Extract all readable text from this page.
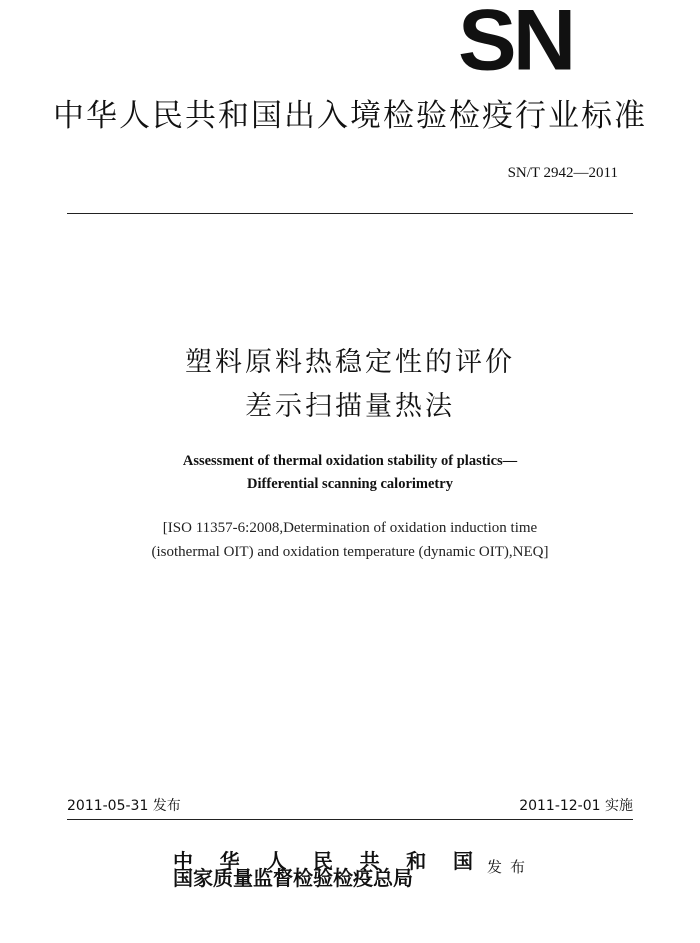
SN
中华人民共和国出入境检验检疫行业标准
SN/T 2942—2011
塑料原料热稳定性的评价
差示扫描量热法
Assessment of thermal oxidation stability of plastics—
Differential scanning calorimetry
[ISO 11357-6:2008,Determination of oxidation induction time
(isothermal OIT) and oxidation temperature (dynamic OIT),NEQ]
2011-05-31 发布	2011-12-01 实施
中 华 人 民 共 和 国
国家质量监督检验检疫总局	发布
